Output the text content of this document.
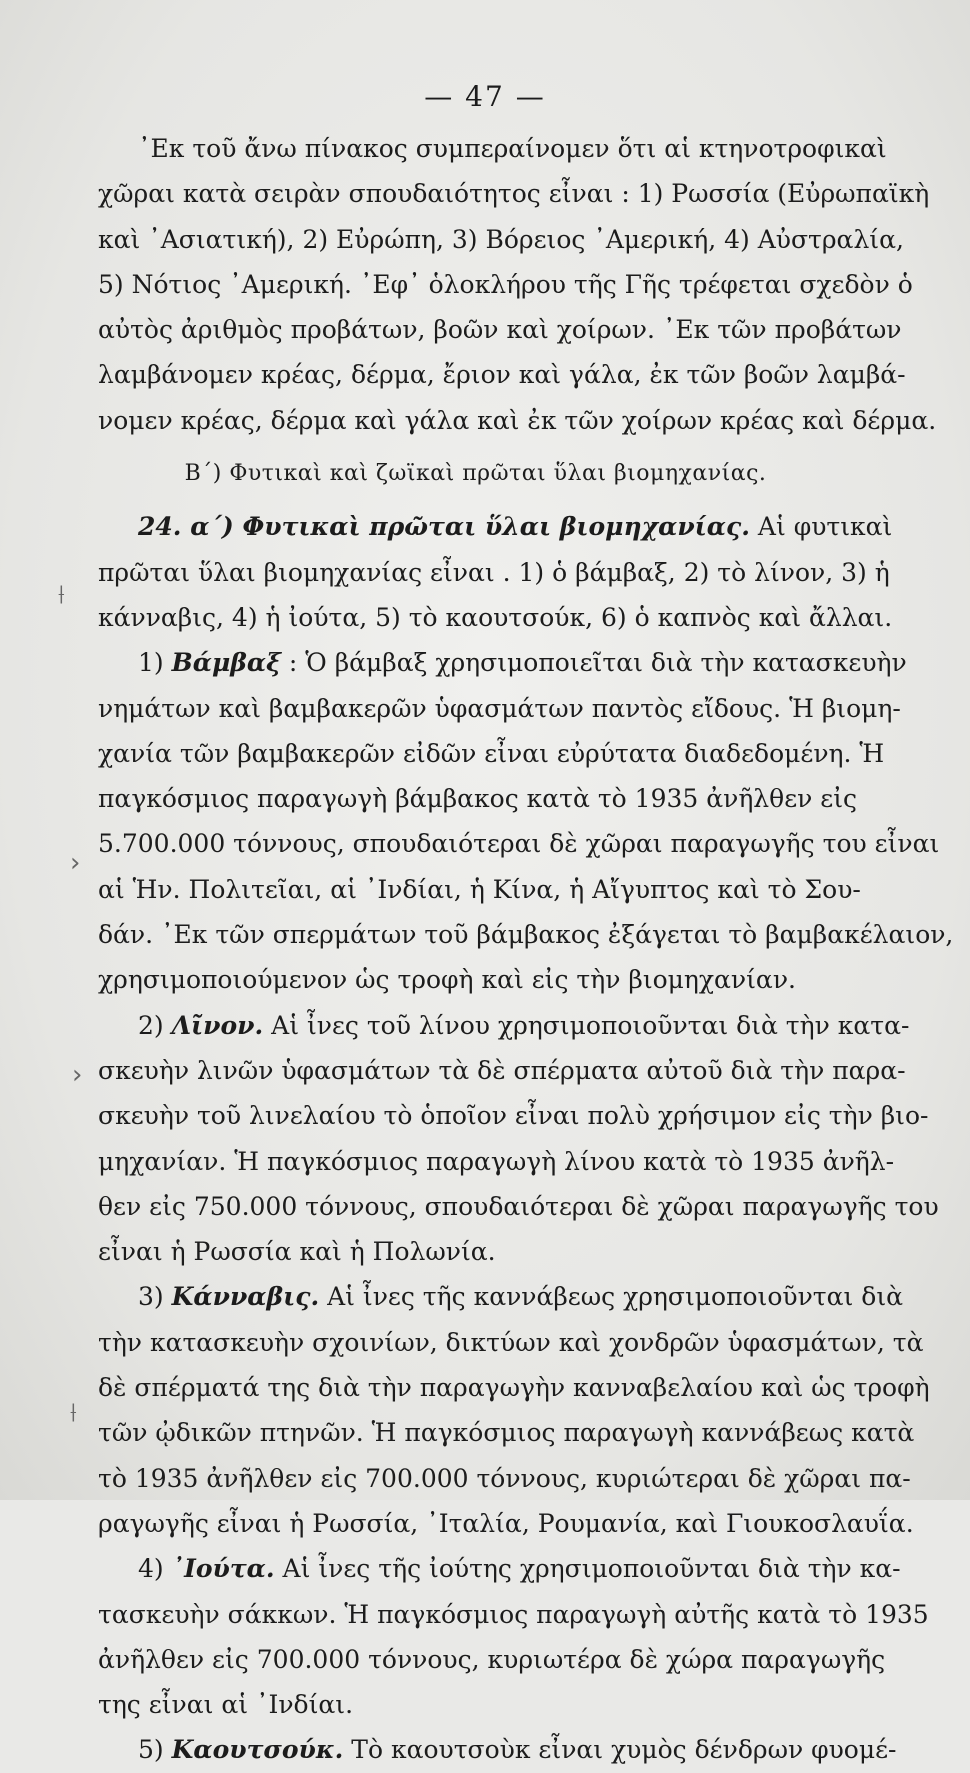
— 47 —
⟊
›
›
⟊
᾿Εκ τοῦ ἄνω πίνακος συμπεραίνομεν ὅτι αἱ κτηνοτροφικαὶ
χῶραι κατὰ σειρὰν σπουδαιότητος εἶναι : 1) Ρωσσία (Εὐρωπαϊκὴ
καὶ ᾿Ασιατική), 2) Εὐρώπη, 3) Βόρειος ᾿Αμερική, 4) Αὐστραλία,
5) Νότιος ᾿Αμερική. ᾿Εφ᾿ ὁλοκλήρου τῆς Γῆς τρέφεται σχεδὸν ὁ
αὐτὸς ἀριθμὸς προβάτων, βοῶν καὶ χοίρων. ᾿Εκ τῶν προβάτων
λαμβάνομεν κρέας, δέρμα, ἔριον καὶ γάλα, ἐκ τῶν βοῶν λαμβά-
νομεν κρέας, δέρμα καὶ γάλα καὶ ἐκ τῶν χοίρων κρέας καὶ δέρμα.
Β΄) Φυτικαὶ καὶ ζωϊκαὶ πρῶται ὕλαι βιομηχανίας.
24. α΄) Φυτικαὶ πρῶται ὕλαι βιομηχανίας. Αἱ φυτικαὶ
πρῶται ὕλαι βιομηχανίας εἶναι . 1) ὁ βάμβαξ, 2) τὸ λίνον, 3) ἡ
κάνναβις, 4) ἡ ἰούτα, 5) τὸ καουτσούκ, 6) ὁ καπνὸς καὶ ἄλλαι.
1) Βάμβαξ : Ὁ βάμβαξ χρησιμοποιεῖται διὰ τὴν κατασκευὴν
νημάτων καὶ βαμβακερῶν ὑφασμάτων παντὸς εἴδους. Ἡ βιομη-
χανία τῶν βαμβακερῶν εἰδῶν εἶναι εὐρύτατα διαδεδομένη. Ἡ
παγκόσμιος παραγωγὴ βάμβακος κατὰ τὸ 1935 ἀνῆλθεν εἰς
5.700.000 τόννους, σπουδαιότεραι δὲ χῶραι παραγωγῆς του εἶναι
αἱ Ἡν. Πολιτεῖαι, αἱ ᾿Ινδίαι, ἡ Κίνα, ἡ Αἴγυπτος καὶ τὸ Σου-
δάν. ᾿Εκ τῶν σπερμάτων τοῦ βάμβακος ἐξάγεται τὸ βαμβακέλαιον,
χρησιμοποιούμενον ὡς τροφὴ καὶ εἰς τὴν βιομηχανίαν.
2) Λῖνον. Αἱ ἶνες τοῦ λίνου χρησιμοποιοῦνται διὰ τὴν κατα-
σκευὴν λινῶν ὑφασμάτων τὰ δὲ σπέρματα αὐτοῦ διὰ τὴν παρα-
σκευὴν τοῦ λινελαίου τὸ ὁποῖον εἶναι πολὺ χρήσιμον εἰς τὴν βιο-
μηχανίαν. Ἡ παγκόσμιος παραγωγὴ λίνου κατὰ τὸ 1935 ἀνῆλ-
θεν εἰς 750.000 τόννους, σπουδαιότεραι δὲ χῶραι παραγωγῆς του
εἶναι ἡ Ρωσσία καὶ ἡ Πολωνία.
3) Κάνναβις. Αἱ ἶνες τῆς καννάβεως χρησιμοποιοῦνται διὰ
τὴν κατασκευὴν σχοινίων, δικτύων καὶ χονδρῶν ὑφασμάτων, τὰ
δὲ σπέρματά της διὰ τὴν παραγωγὴν κανναβελαίου καὶ ὡς τροφὴ
τῶν ᾠδικῶν πτηνῶν. Ἡ παγκόσμιος παραγωγὴ καννάβεως κατὰ
τὸ 1935 ἀνῆλθεν εἰς 700.000 τόννους, κυριώτεραι δὲ χῶραι πα-
ραγωγῆς εἶναι ἡ Ρωσσία, ᾿Ιταλία, Ρουμανία, καὶ Γιουκοσλαυΐα.
4) ᾿Ιούτα. Αἱ ἶνες τῆς ἰούτης χρησιμοποιοῦνται διὰ τὴν κα-
τασκευὴν σάκκων. Ἡ παγκόσμιος παραγωγὴ αὐτῆς κατὰ τὸ 1935
ἀνῆλθεν εἰς 700.000 τόννους, κυριωτέρα δὲ χώρα παραγωγῆς
της εἶναι αἱ ᾿Ινδίαι.
5) Καουτσούκ. Τὸ καουτσοὺκ εἶναι χυμὸς δένδρων φυομέ-
